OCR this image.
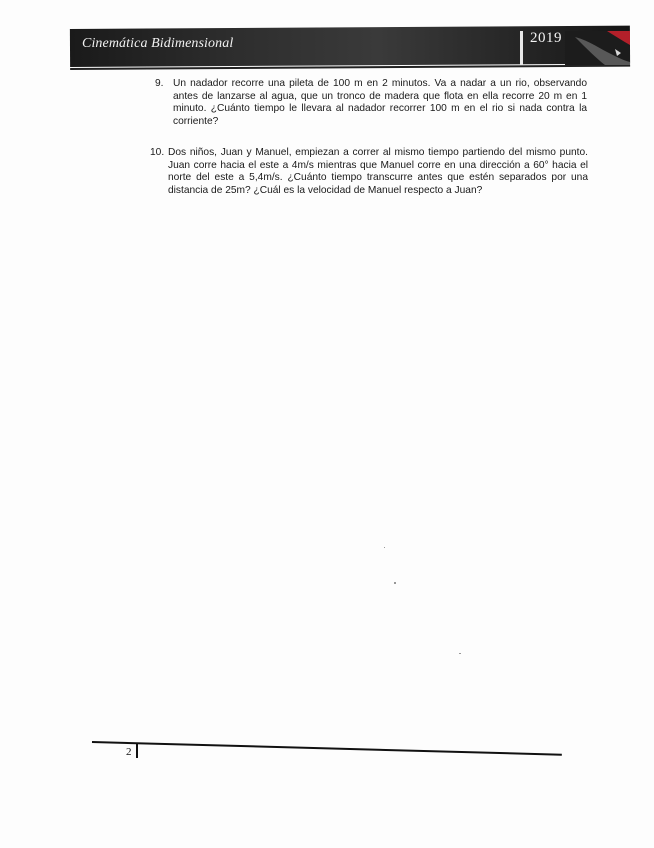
Cinemática Bidimensional	2019
9. Un nadador recorre una pileta de 100 m en 2 minutos. Va a nadar a un rio, observando antes de lanzarse al agua, que un tronco de madera que flota en ella recorre 20 m en 1 minuto. ¿Cuánto tiempo le llevara al nadador recorrer 100 m en el rio si nada contra la corriente?
10. Dos niños, Juan y Manuel, empiezan a correr al mismo tiempo partiendo del mismo punto. Juan corre hacia el este a 4m/s mientras que Manuel corre en una dirección a 60° hacia el norte del este a 5,4m/s. ¿Cuánto tiempo transcurre antes que estén separados por una distancia de 25m? ¿Cuál es la velocidad de Manuel respecto a Juan?
2
